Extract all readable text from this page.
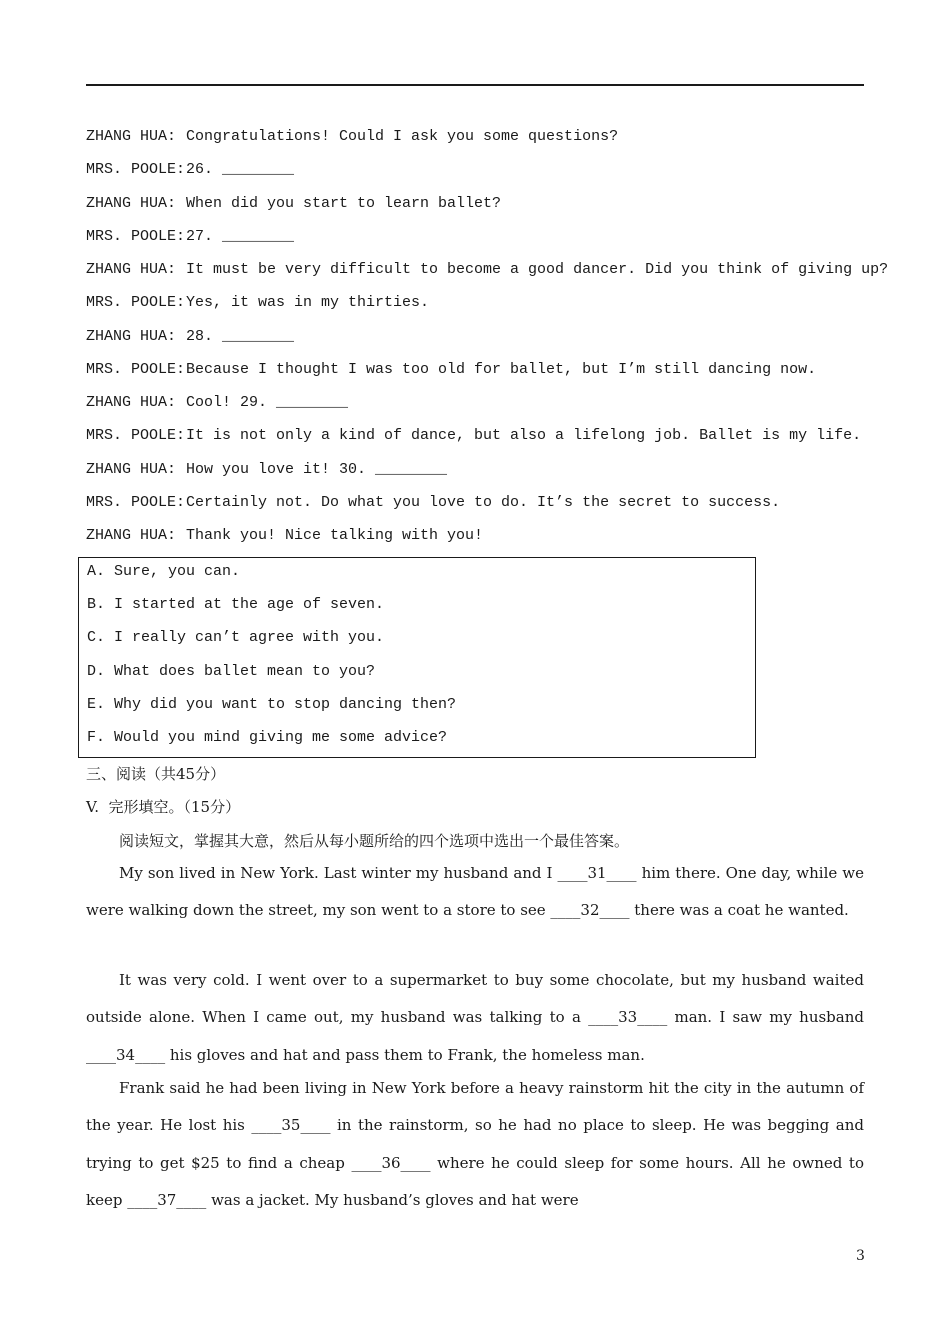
ZHANG HUA: Congratulations! Could I ask you some questions?
MRS. POOLE:26. ________
ZHANG HUA: When did you start to learn ballet?
MRS. POOLE:27. ________
ZHANG HUA: It must be very difficult to become a good dancer. Did you think of giving up?
MRS. POOLE:Yes, it was in my thirties.
ZHANG HUA: 28. ________
MRS. POOLE:Because I thought I was too old for ballet, but I’m still dancing now.
ZHANG HUA: Cool! 29. ________
MRS. POOLE:It is not only a kind of dance, but also a lifelong job. Ballet is my life.
ZHANG HUA: How you love it! 30. ________
MRS. POOLE:Certainly not. Do what you love to do. It’s the secret to success.
ZHANG HUA: Thank you! Nice talking with you!
A. Sure, you can.
B. I started at the age of seven.
C. I really can’t agree with you.
D. What does ballet mean to you?
E. Why did you want to stop dancing then?
F. Would you mind giving me some advice?
三、阅读（共45分）
V.  完形填空。（15分）
阅读短文，掌握其大意，然后从每小题所给的四个选项中选出一个最佳答案。
My son lived in New York. Last winter my husband and I ____31____ him there. One day, while we were walking down the street, my son went to a store to see ____32____ there was a coat he wanted.
It was very cold. I went over to a supermarket to buy some chocolate, but my husband waited outside alone. When I came out, my husband was talking to a ____33____ man. I saw my husband ____34____ his gloves and hat and pass them to Frank, the homeless man.
Frank said he had been living in New York before a heavy rainstorm hit the city in the autumn of the year. He lost his ____35____ in the rainstorm, so he had no place to sleep. He was begging and trying to get $25 to find a cheap ____36____ where he could sleep for some hours. All he owned to keep ____37____ was a jacket. My husband’s gloves and hat were
3
